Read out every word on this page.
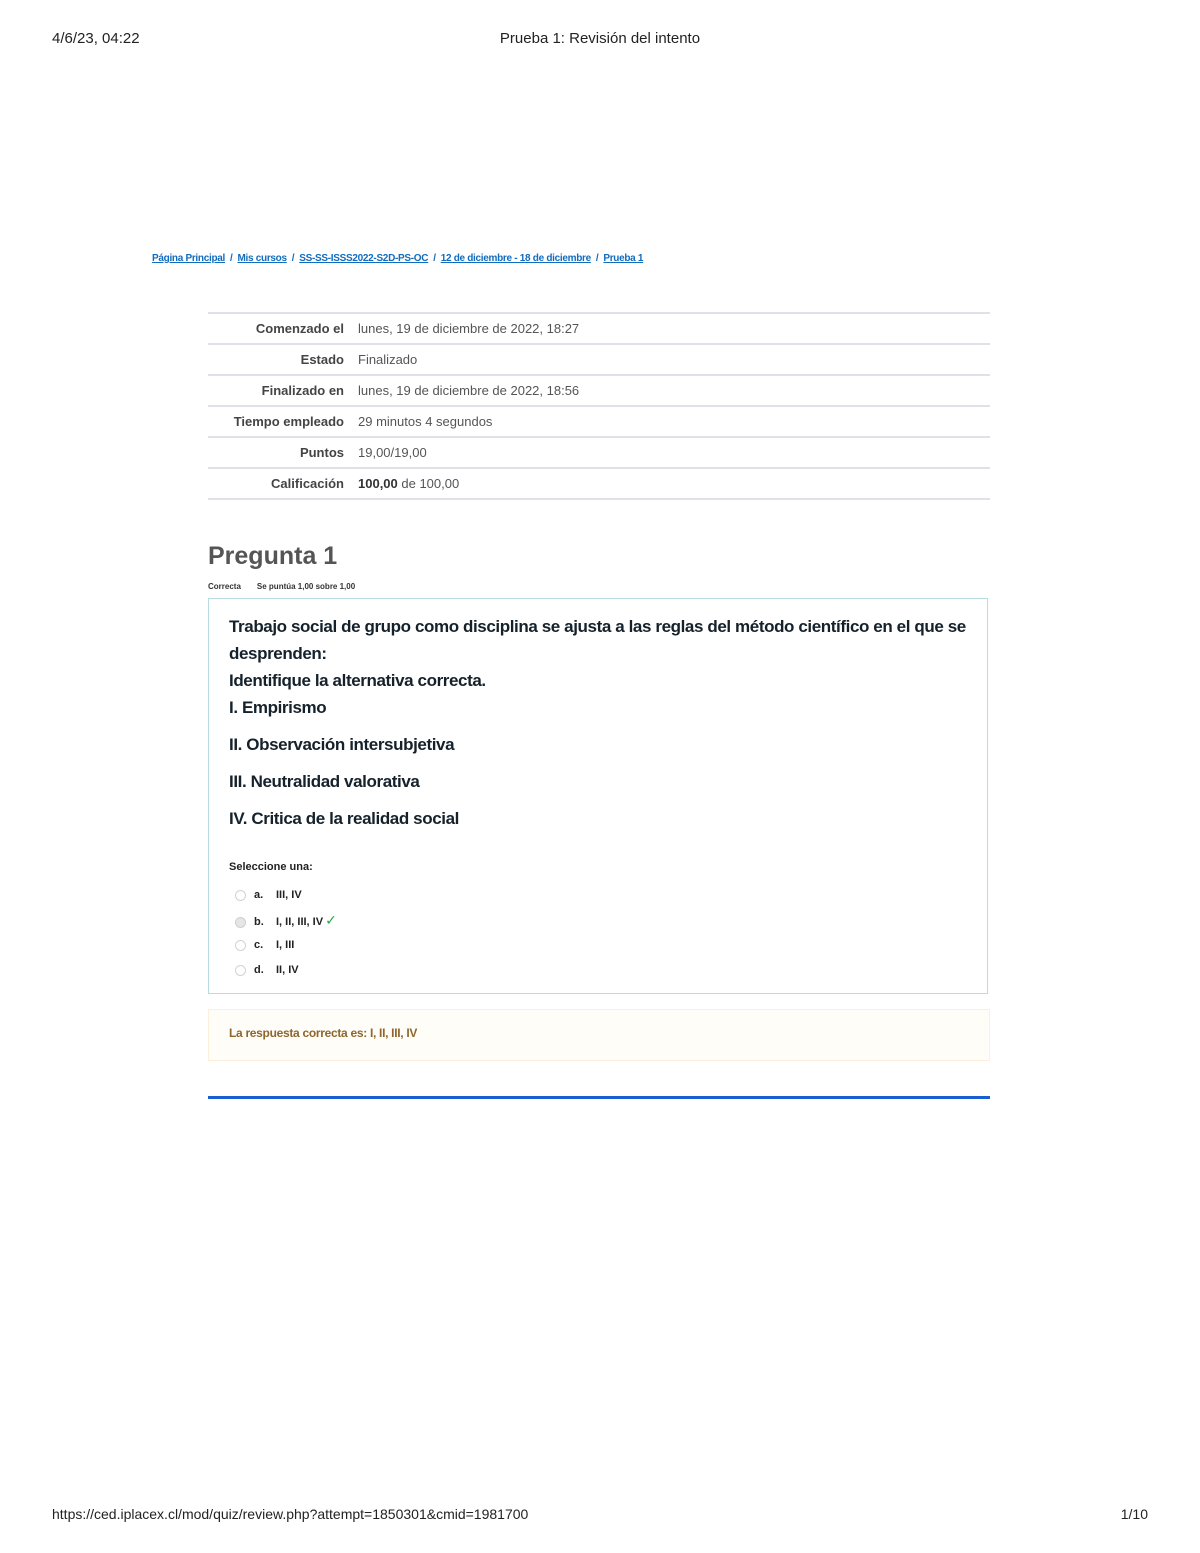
4/6/23, 04:22	Prueba 1: Revisión del intento
Página Principal / Mis cursos / SS-SS-ISSS2022-S2D-PS-OC / 12 de diciembre - 18 de diciembre / Prueba 1
Comenzado el	lunes, 19 de diciembre de 2022, 18:27
Estado	Finalizado
Finalizado en	lunes, 19 de diciembre de 2022, 18:56
Tiempo empleado	29 minutos 4 segundos
Puntos	19,00/19,00
Calificación	100,00 de 100,00
Pregunta 1
Correcta Se puntúa 1,00 sobre 1,00

Trabajo social de grupo como disciplina se ajusta a las reglas del método científico en el que se desprenden:

Identifique la alternativa correcta.

I. Empirismo

II. Observación intersubjetiva

III. Neutralidad valorativa

IV. Critica de la realidad social

Seleccione una:
a. III, IV
b. I, II, III, IV ✓
c. I, III
d. II, IV
La respuesta correcta es: I, II, III, IV
https://ced.iplacex.cl/mod/quiz/review.php?attempt=1850301&cmid=1981700	1/10
